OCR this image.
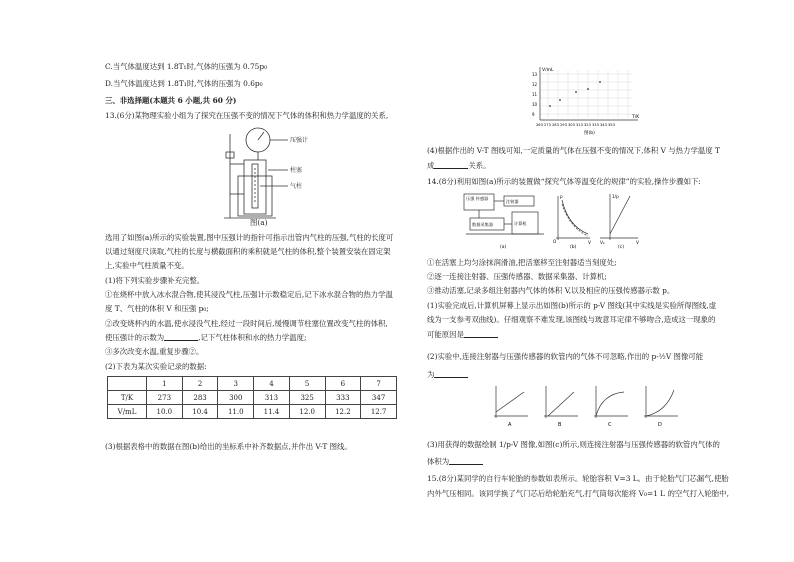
C.当气体温度达到 1.8T₁时,气体的压强为 0.75p₀
D.当气体温度达到 1.8T₁时,气体的压强为 0.6p₀
三、非选择题(本题共 6 小题,共 60 分)
13.(6分)某物理实验小组为了探究在压强不变的情况下气体的体积和热力学温度的关系,
压强计
柱塞
气柱
图(a)
选用了如图(a)所示的实验装置,图中压强计的指针可指示出管内气柱的压强,气柱的长度可
以通过刻度尺读取,气柱的长度与横截面积的乘积就是气柱的体积,整个装置安装在固定架
上,实验中气柱质量不变。
(1)将下列实验步骤补充完整。
①在烧杯中放入冰水混合物,使其浸没气柱,压强计示数稳定后,记下冰水混合物的热力学温
度 T、气柱的体积 V 和压强 p₀;
②改变烧杯内的水温,使水浸没气柱,经过一段时间后,缓慢调节柱塞位置改变气柱的体积,
使压强计的示数为	,记下气柱体积和水的热力学温度;
③多次改变水温,重复步骤②。
(2)下表为某次实验记录的数据:
	1	2	3	4	5	6	7
T/K	273	283	300	313	325	333	347
V/mL	10.0	10.4	11.0	11.4	12.0	12.2	12.7
(3)根据表格中的数据在图(b)给出的坐标系中补齐数据点,并作出 V-T 图线。
V/mL
T/K
13
12
11
10
9
263 273 283 293 303 313 323 333 343 353
图(b)
(4)根据作出的 V-T 图线可知,一定质量的气体在压强不变的情况下,体积 V 与热力学温度 T
成	关系。
14.(8分)利用如图(a)所示的装置做“探究气体等温变化的规律”的实验,操作步骤如下:
压强 传感器
注射器
数据采集器	计算机
(a)	(b)	(c)
p
V
O
1/p
V
V₀
①在活塞上均匀涂抹润滑油,把活塞移至注射器适当刻度处;
②逐一连接注射器、压强传感器、数据采集器、计算机;
③推动活塞,记录多组注射器内气体的体积 V,以及相应的压强传感器示数 p。
(1)实验完成后,计算机屏幕上显示出如图(b)所示的 p-V 图线(其中实线是实验所得图线,虚
线为一支参考双曲线)。仔细观察不难发现,该图线与玻意耳定律不够吻合,造成这一现象的
可能原因是
(2)实验中,连接注射器与压强传感器的软管内的气体不可忽略,作出的 p-½V 图像可能
为
A	B	C	D
(3)用获得的数据绘制 1/p-V 图像,如图(c)所示,则连接注射器与压强传感器的软管内气体的
体积为
15.(8分)某同学的自行车轮胎的参数如表所示。轮胎容积 V=3 L。由于轮胎气门芯漏气,使胎
内外气压相同。该同学换了气门芯后给轮胎充气,打气筒每次能将 V₀=1 L 的空气打入轮胎中,
